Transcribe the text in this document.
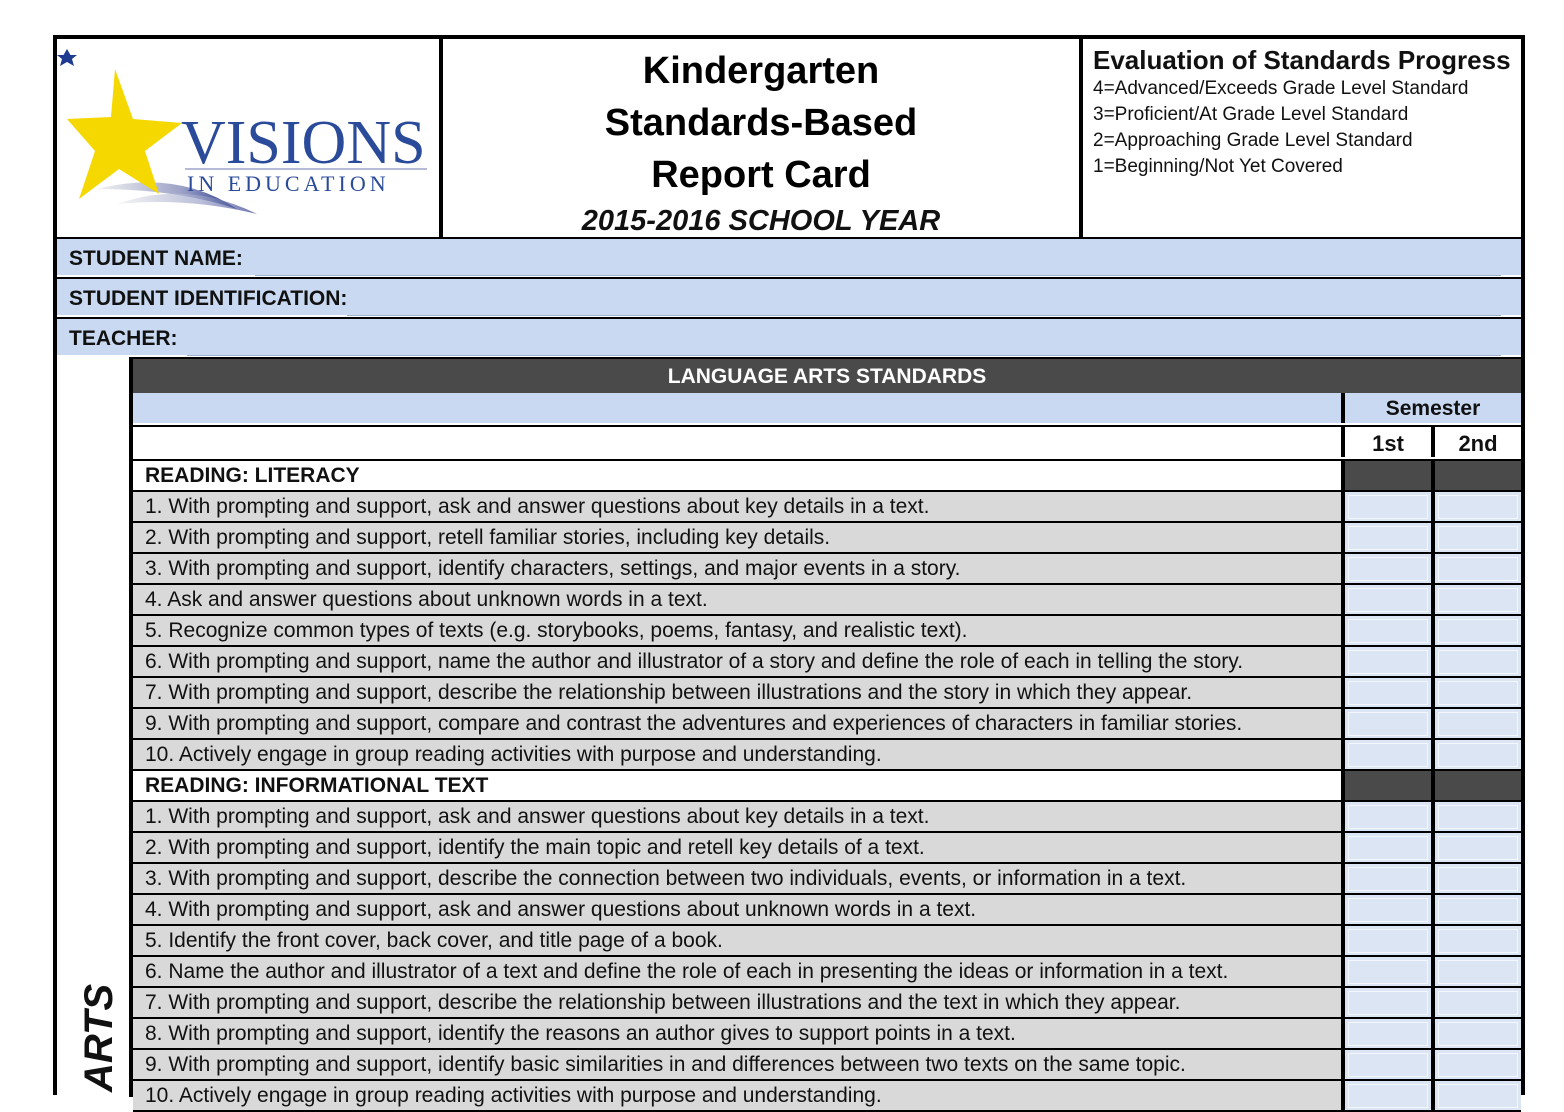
VISIONS
IN EDUCATION
Kindergarten
Standards-Based
Report Card
2015-2016 SCHOOL YEAR
Evaluation of Standards Progress
4=Advanced/Exceeds Grade Level Standard
3=Proficient/At Grade Level Standard
2=Approaching Grade Level Standard
1=Beginning/Not Yet Covered
STUDENT NAME:
STUDENT IDENTIFICATION:
TEACHER:
ARTS
LANGUAGE ARTS STANDARDS
Semester
1st	2nd
READING: LITERACY
1. With prompting and support, ask and answer questions about key details in a text.
2. With prompting and support, retell familiar stories, including key details.
3. With prompting and support, identify characters, settings, and major events in a story.
4. Ask and answer questions about unknown words in a text.
5. Recognize common types of texts (e.g. storybooks, poems, fantasy, and realistic text).
6. With prompting and support, name the author and illustrator of a story and define the role of each in telling the story.
7. With prompting and support, describe the relationship between illustrations and the story in which they appear.
9. With prompting and support, compare and contrast the adventures and experiences of characters in familiar stories.
10. Actively engage in group reading activities with purpose and understanding.
READING: INFORMATIONAL TEXT
1. With prompting and support, ask and answer questions about key details in a text.
2. With prompting and support, identify the main topic and retell key details of a text.
3. With prompting and support, describe the connection between two individuals, events, or information in a text.
4. With prompting and support, ask and answer questions about unknown words in a text.
5. Identify the front cover, back cover, and title page of a book.
6. Name the author and illustrator of a text and define the role of each in presenting the ideas or information in a text.
7. With prompting and support, describe the relationship between illustrations and the text in which they appear.
8. With prompting and support, identify the reasons an author gives to support points in a text.
9. With prompting and support, identify basic similarities in and differences between two texts on the same topic.
10. Actively engage in group reading activities with purpose and understanding.
